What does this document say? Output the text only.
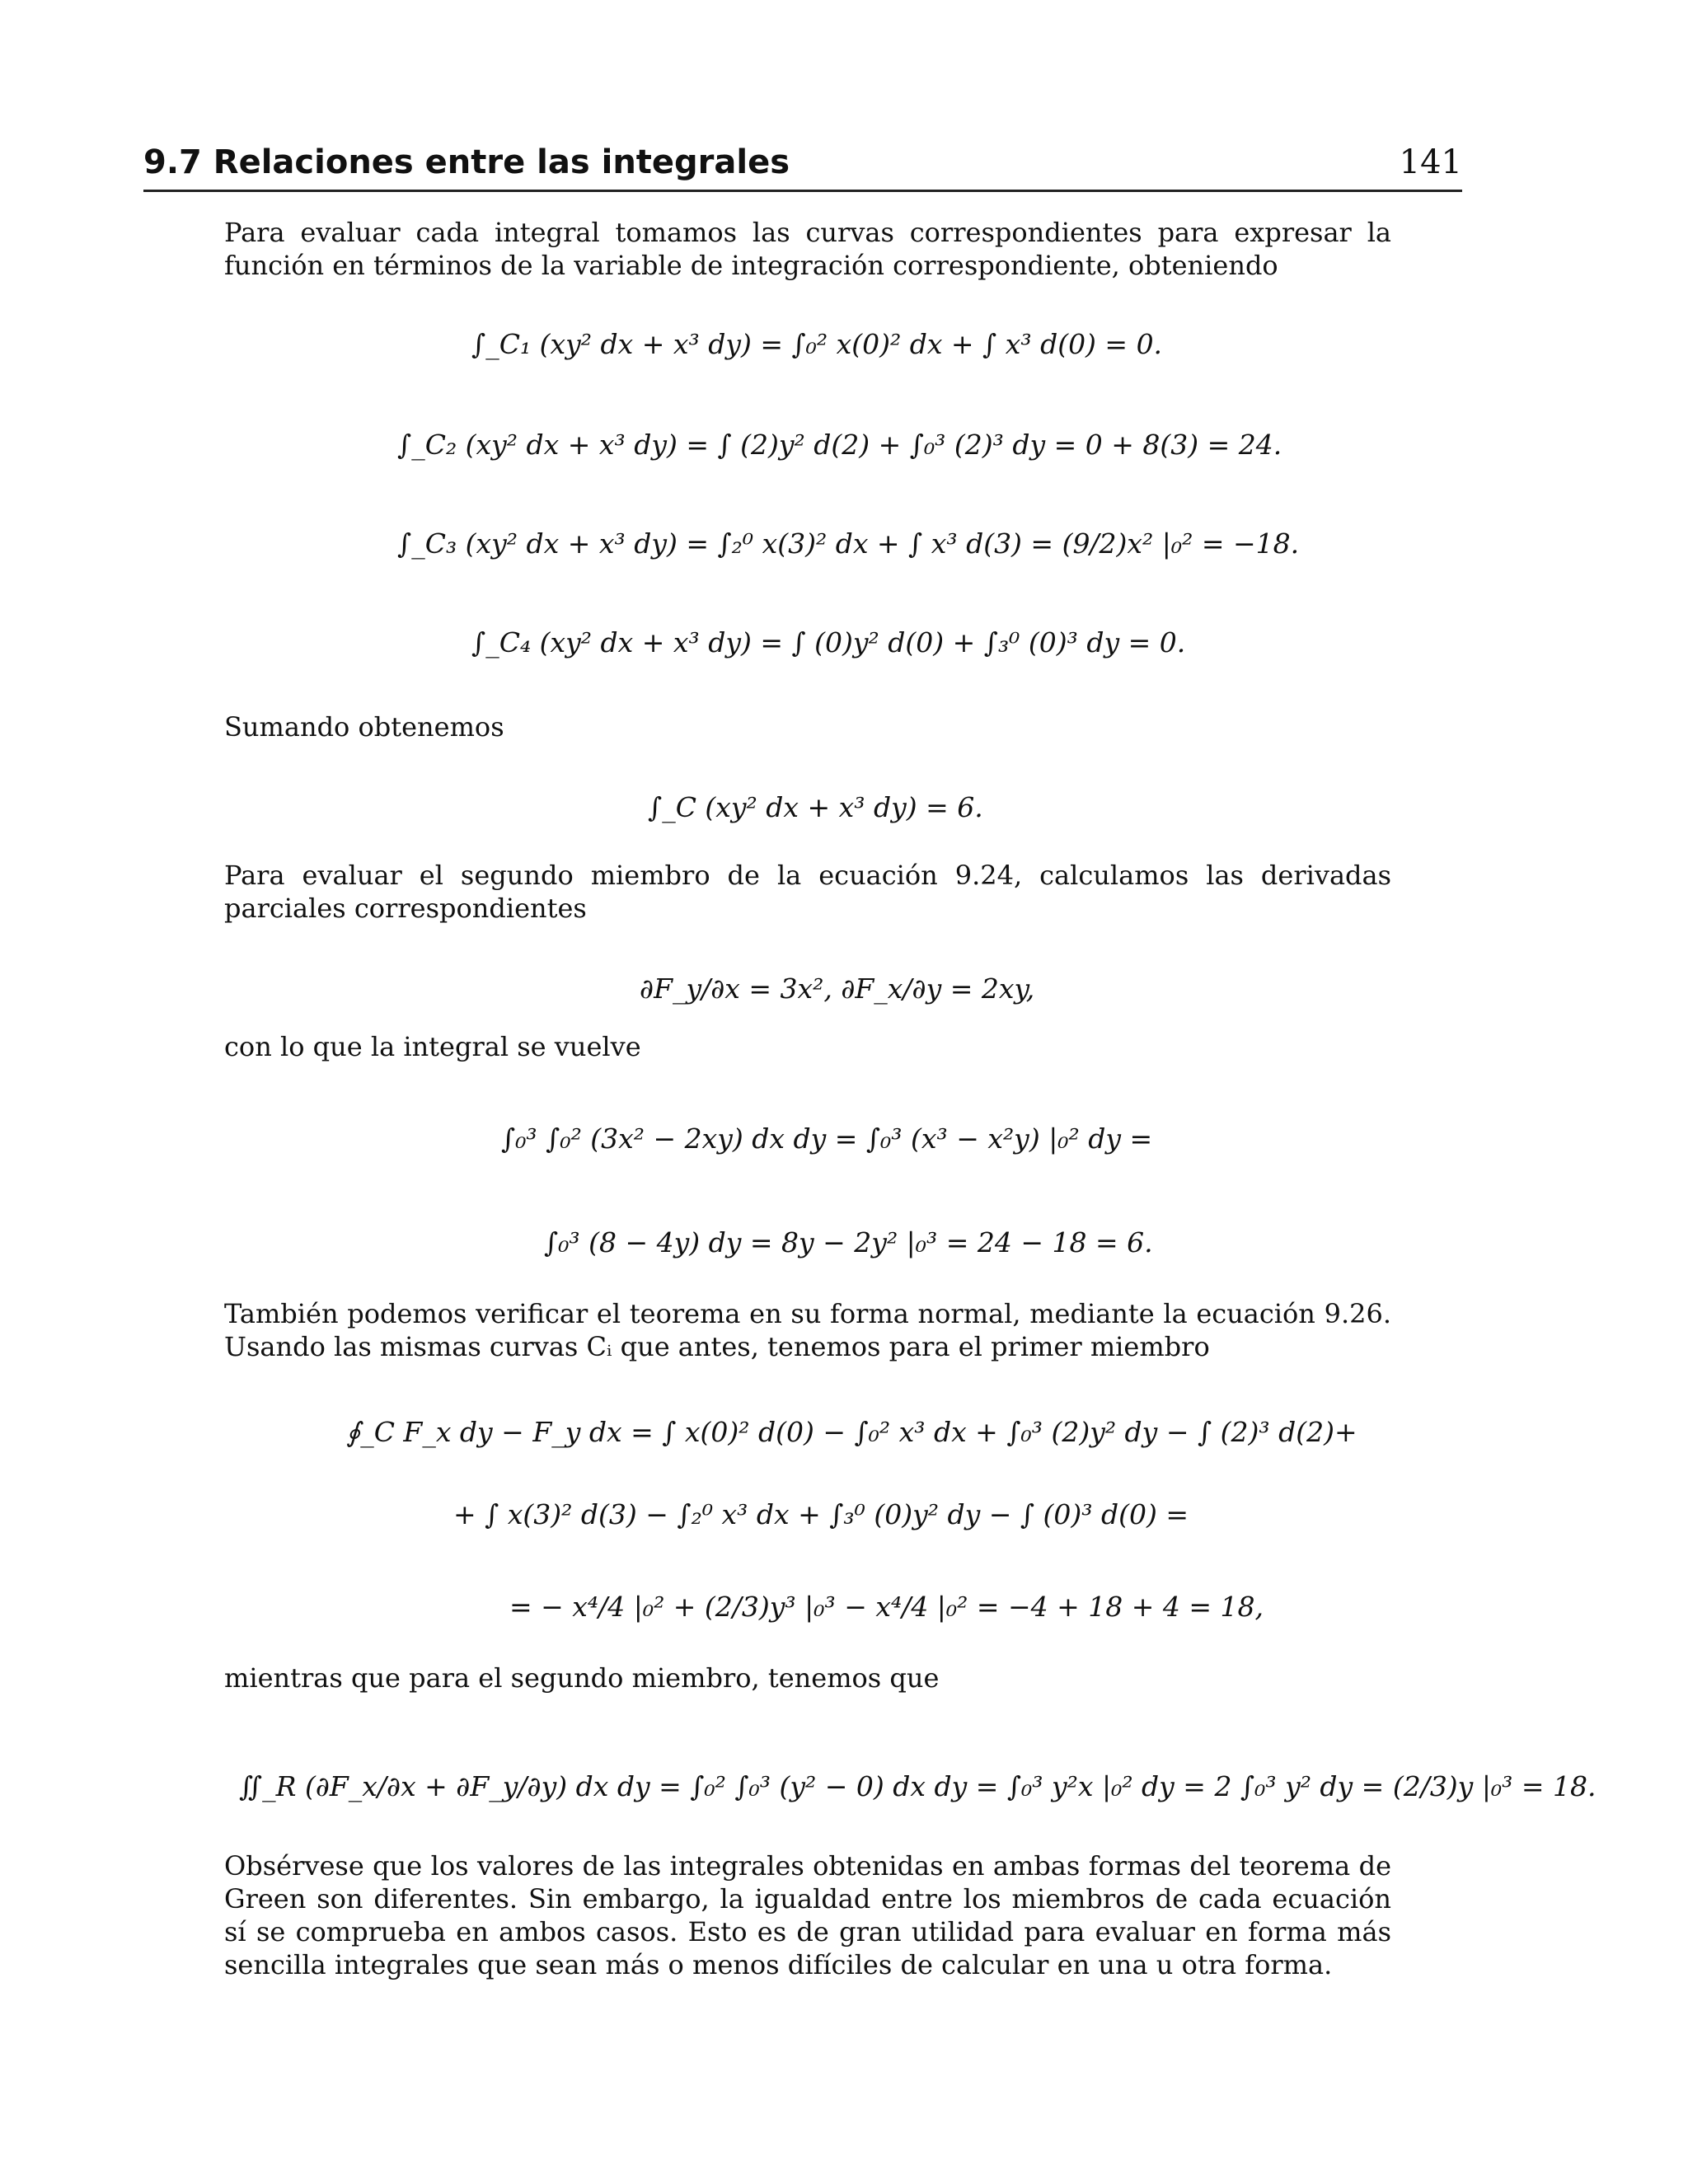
9.7 Relaciones entre las integrales	141
Para evaluar cada integral tomamos las curvas correspondientes para expresar la función en términos de la variable de integración correspondiente, obteniendo
∫_C₁ (xy² dx + x³ dy) = ∫₀² x(0)² dx + ∫ x³ d(0) = 0.
∫_C₂ (xy² dx + x³ dy) = ∫ (2)y² d(2) + ∫₀³ (2)³ dy = 0 + 8(3) = 24.
∫_C₃ (xy² dx + x³ dy) = ∫₂⁰ x(3)² dx + ∫ x³ d(3) = (9/2)x² |₀² = −18.
∫_C₄ (xy² dx + x³ dy) = ∫ (0)y² d(0) + ∫₃⁰ (0)³ dy = 0.
Sumando obtenemos
∫_C (xy² dx + x³ dy) = 6.
Para evaluar el segundo miembro de la ecuación 9.24, calculamos las derivadas parciales correspondientes
∂F_y/∂x = 3x², ∂F_x/∂y = 2xy,
con lo que la integral se vuelve
∫₀³ ∫₀² (3x² − 2xy) dx dy = ∫₀³ (x³ − x²y) |₀² dy =
∫₀³ (8 − 4y) dy = 8y − 2y² |₀³ = 24 − 18 = 6.
También podemos verificar el teorema en su forma normal, mediante la ecuación 9.26. Usando las mismas curvas Cᵢ que antes, tenemos para el primer miembro
∮_C F_x dy − F_y dx = ∫ x(0)² d(0) − ∫₀² x³ dx + ∫₀³ (2)y² dy − ∫ (2)³ d(2)+
+ ∫ x(3)² d(3) − ∫₂⁰ x³ dx + ∫₃⁰ (0)y² dy − ∫ (0)³ d(0) =
= − x⁴/4 |₀² + (2/3)y³ |₀³ − x⁴/4 |₀² = −4 + 18 + 4 = 18,
mientras que para el segundo miembro, tenemos que
∬_R (∂F_x/∂x + ∂F_y/∂y) dx dy = ∫₀² ∫₀³ (y² − 0) dx dy = ∫₀³ y²x |₀² dy = 2 ∫₀³ y² dy = (2/3)y |₀³ = 18.
Obsérvese que los valores de las integrales obtenidas en ambas formas del teorema de Green son diferentes. Sin embargo, la igualdad entre los miembros de cada ecuación sí se comprueba en ambos casos. Esto es de gran utilidad para evaluar en forma más sencilla integrales que sean más o menos difíciles de calcular en una u otra forma.
